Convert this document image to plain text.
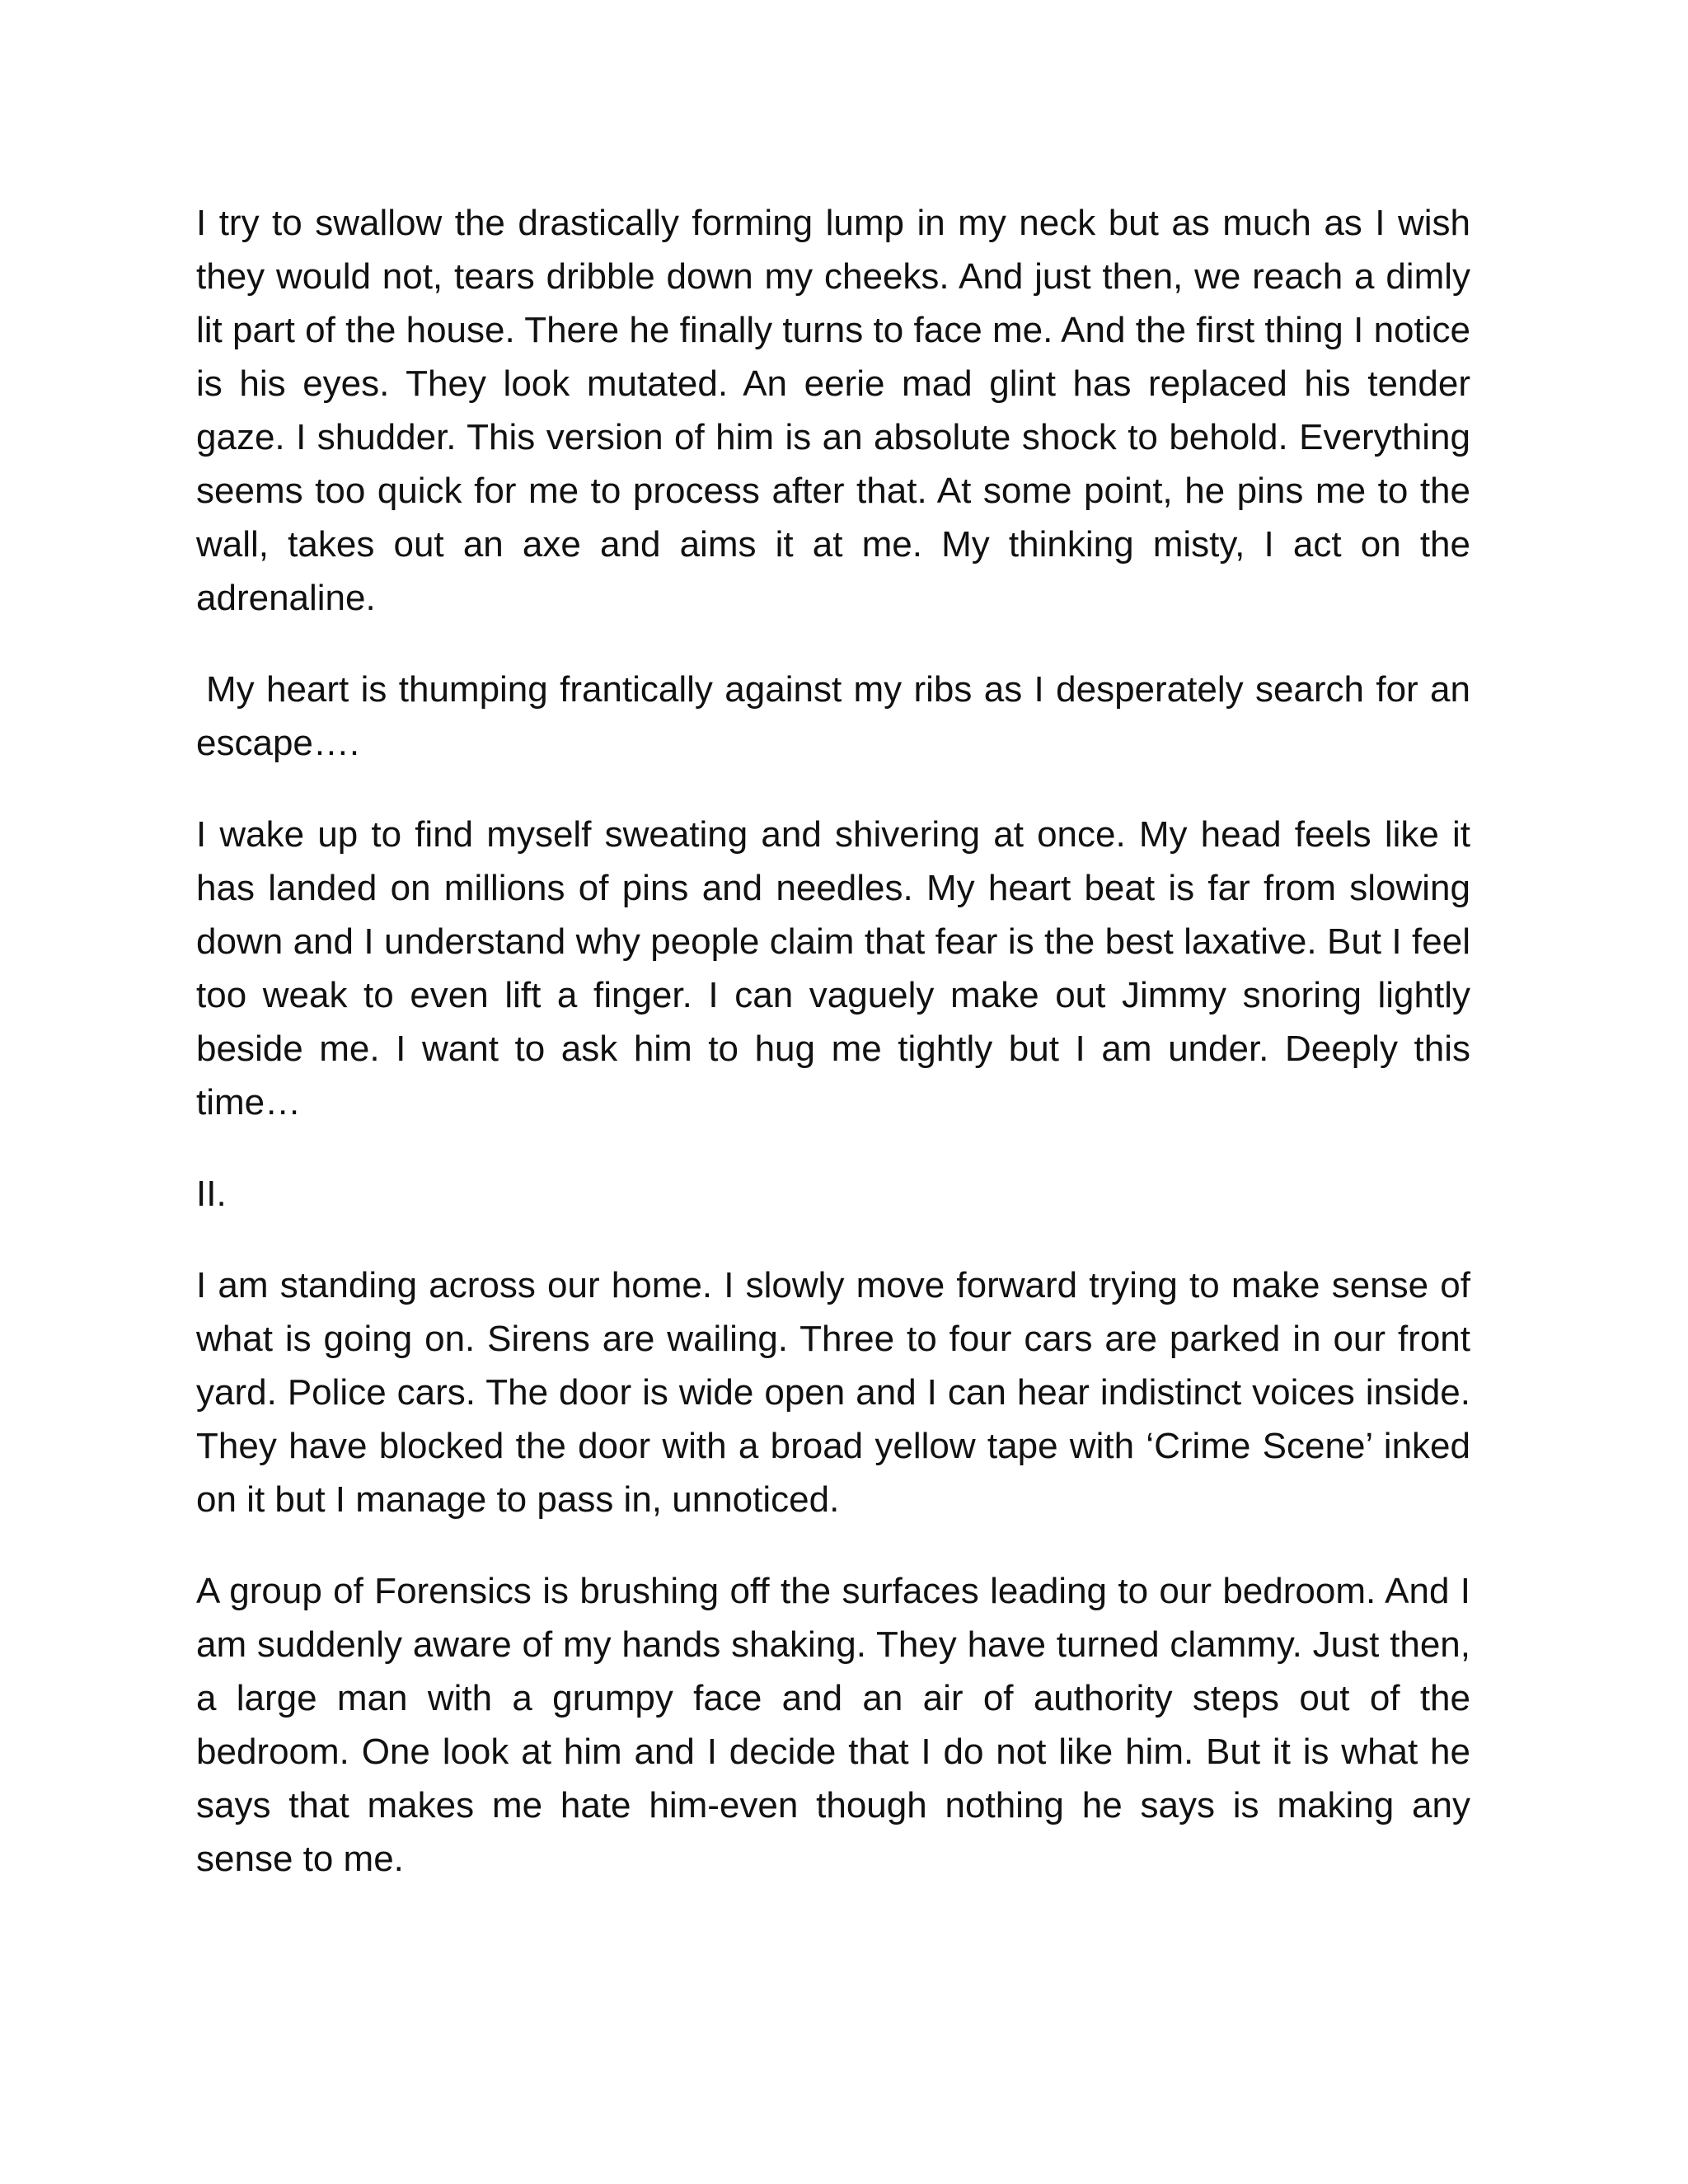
I try to swallow the drastically forming lump in my neck but as much as I wish they would not, tears dribble down my cheeks. And just then, we reach a dimly lit part of the house. There he finally turns to face me. And the first thing I notice is his eyes. They look mutated. An eerie mad glint has replaced his tender gaze. I shudder. This version of him is an absolute shock to behold. Everything seems too quick for me to process after that. At some point, he pins me to the wall, takes out an axe and aims it at me. My thinking misty, I act on the adrenaline.

My heart is thumping frantically against my ribs as I desperately search for an escape….

I wake up to find myself sweating and shivering at once. My head feels like it has landed on millions of pins and needles. My heart beat is far from slowing down and I understand why people claim that fear is the best laxative. But I feel too weak to even lift a finger. I can vaguely make out Jimmy snoring lightly beside me. I want to ask him to hug me tightly but I am under. Deeply this time…

II.

I am standing across our home. I slowly move forward trying to make sense of what is going on. Sirens are wailing. Three to four cars are parked in our front yard. Police cars. The door is wide open and I can hear indistinct voices inside. They have blocked the door with a broad yellow tape with ‘Crime Scene’ inked on it but I manage to pass in, unnoticed.

A group of Forensics is brushing off the surfaces leading to our bedroom. And I am suddenly aware of my hands shaking. They have turned clammy. Just then, a large man with a grumpy face and an air of authority steps out of the bedroom. One look at him and I decide that I do not like him. But it is what he says that makes me hate him-even though nothing he says is making any sense to me.
